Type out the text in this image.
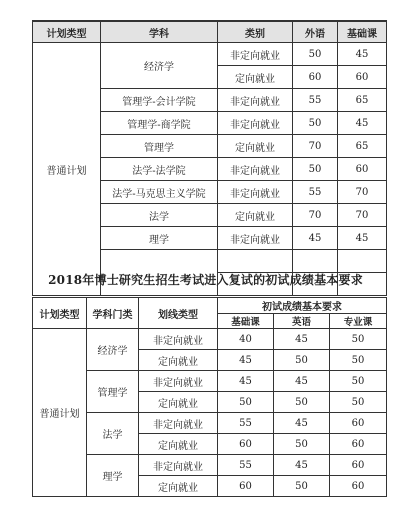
计划类型	学科	类别	外语	基础课
普通计划	经济学	非定向就业	50	45
		定向就业	60	60
	管理学-会计学院	非定向就业	55	65
	管理学-商学院	非定向就业	50	45
	管理学	定向就业	70	65
	法学-法学院	非定向就业	50	60
	法学-马克思主义学院	非定向就业	55	70
	法学	定向就业	70	70
	理学	非定向就业	45	45

2018年博士研究生招生考试进入复试的初试成绩基本要求
计划类型	学科门类	划线类型	初试成绩基本要求		
			基础课	英语	专业课
普通计划	经济学	非定向就业	40	45	50
		定向就业	45	50	50
	管理学	非定向就业	45	45	50
		定向就业	50	50	50
	法学	非定向就业	55	45	60
		定向就业	60	50	60
	理学	非定向就业	55	45	60
		定向就业	60	50	60
